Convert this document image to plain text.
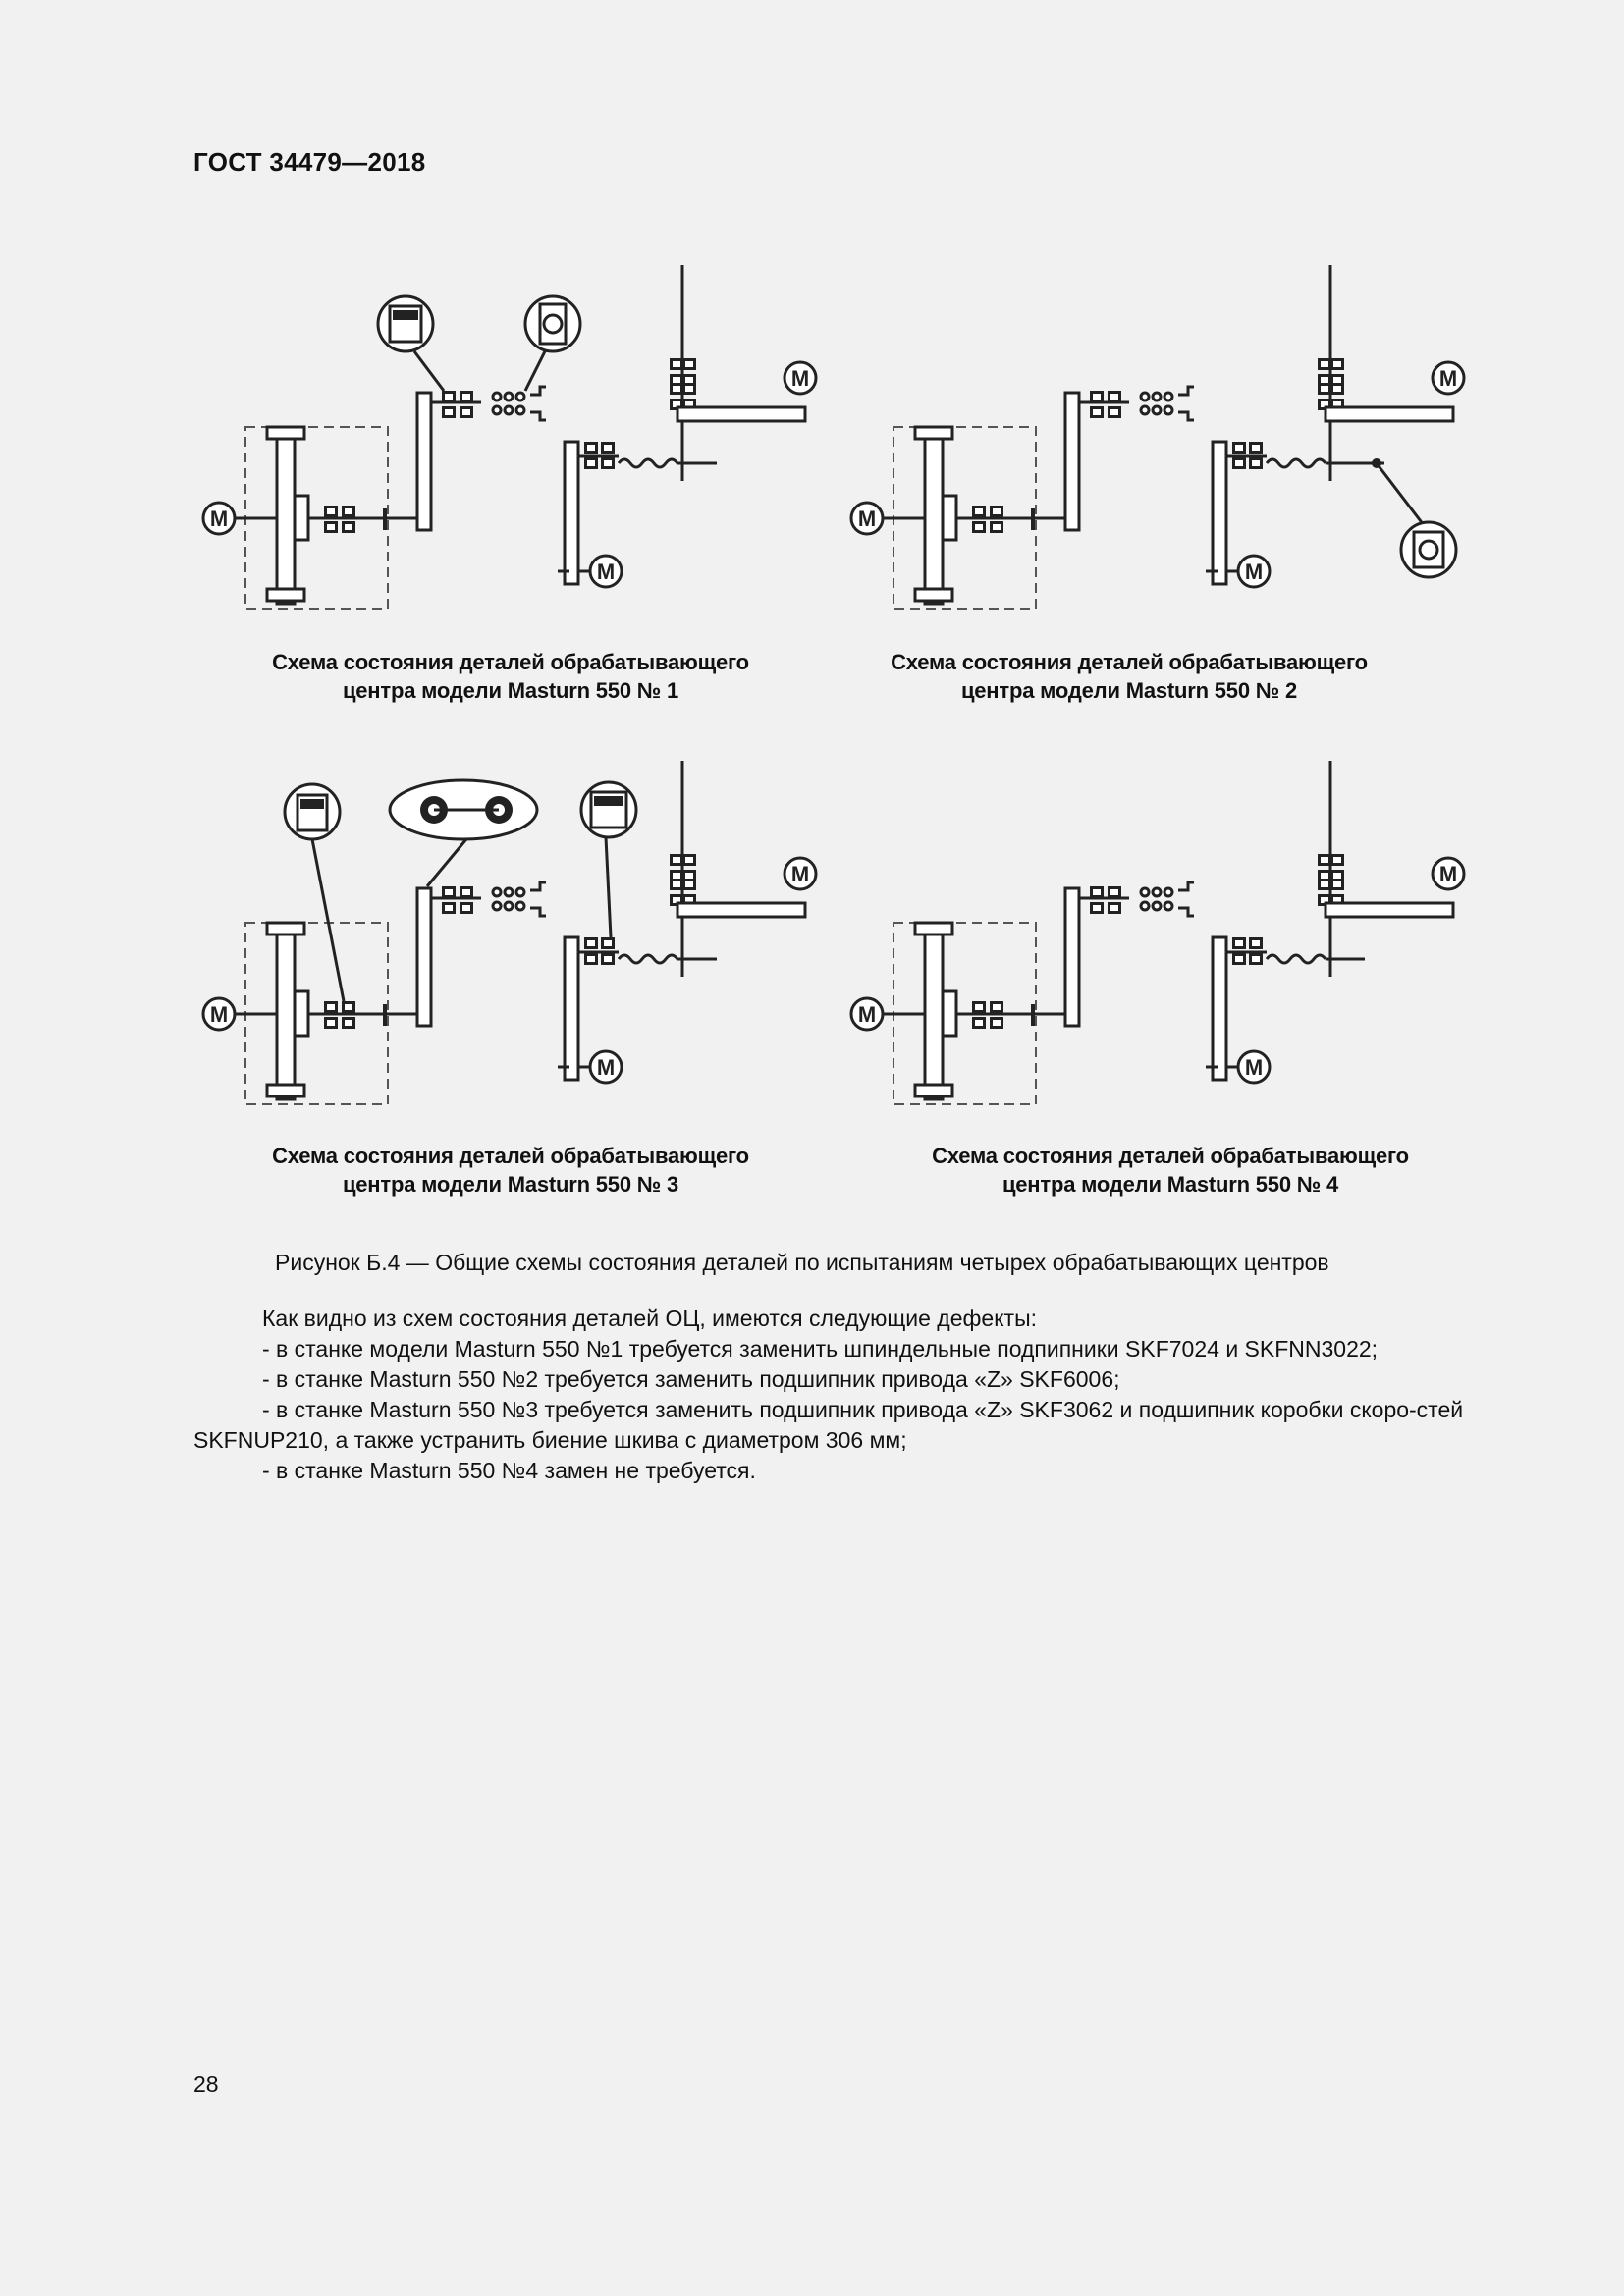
ГОСТ 34479—2018
M
M
M
Схема состояния деталей обрабатывающего
центра модели Masturn 550 № 1
M
M
M
Схема состояния деталей обрабатывающего
центра модели Masturn 550 № 2
M
M
M
Схема состояния деталей обрабатывающего
центра модели Masturn 550 № 3
M
M
M
Схема состояния деталей обрабатывающего
центра модели Masturn 550 № 4
Рисунок Б.4 — Общие схемы состояния деталей по испытаниям четырех обрабатывающих центров

Как видно из схем состояния деталей ОЦ, имеются следующие дефекты:

- в станке модели Masturn 550 №1 требуется заменить шпиндельные подпипники SKF7024 и SKFNN3022;

- в станке Masturn 550 №2 требуется заменить подшипник привода «Z» SKF6006;

- в станке Masturn 550 №3 требуется заменить подшипник привода «Z» SKF3062 и подшипник коробки скоро-стей SKFNUP210, а также устранить биение шкива с диаметром 306 мм;

- в станке Masturn 550 №4 замен не требуется.

28
